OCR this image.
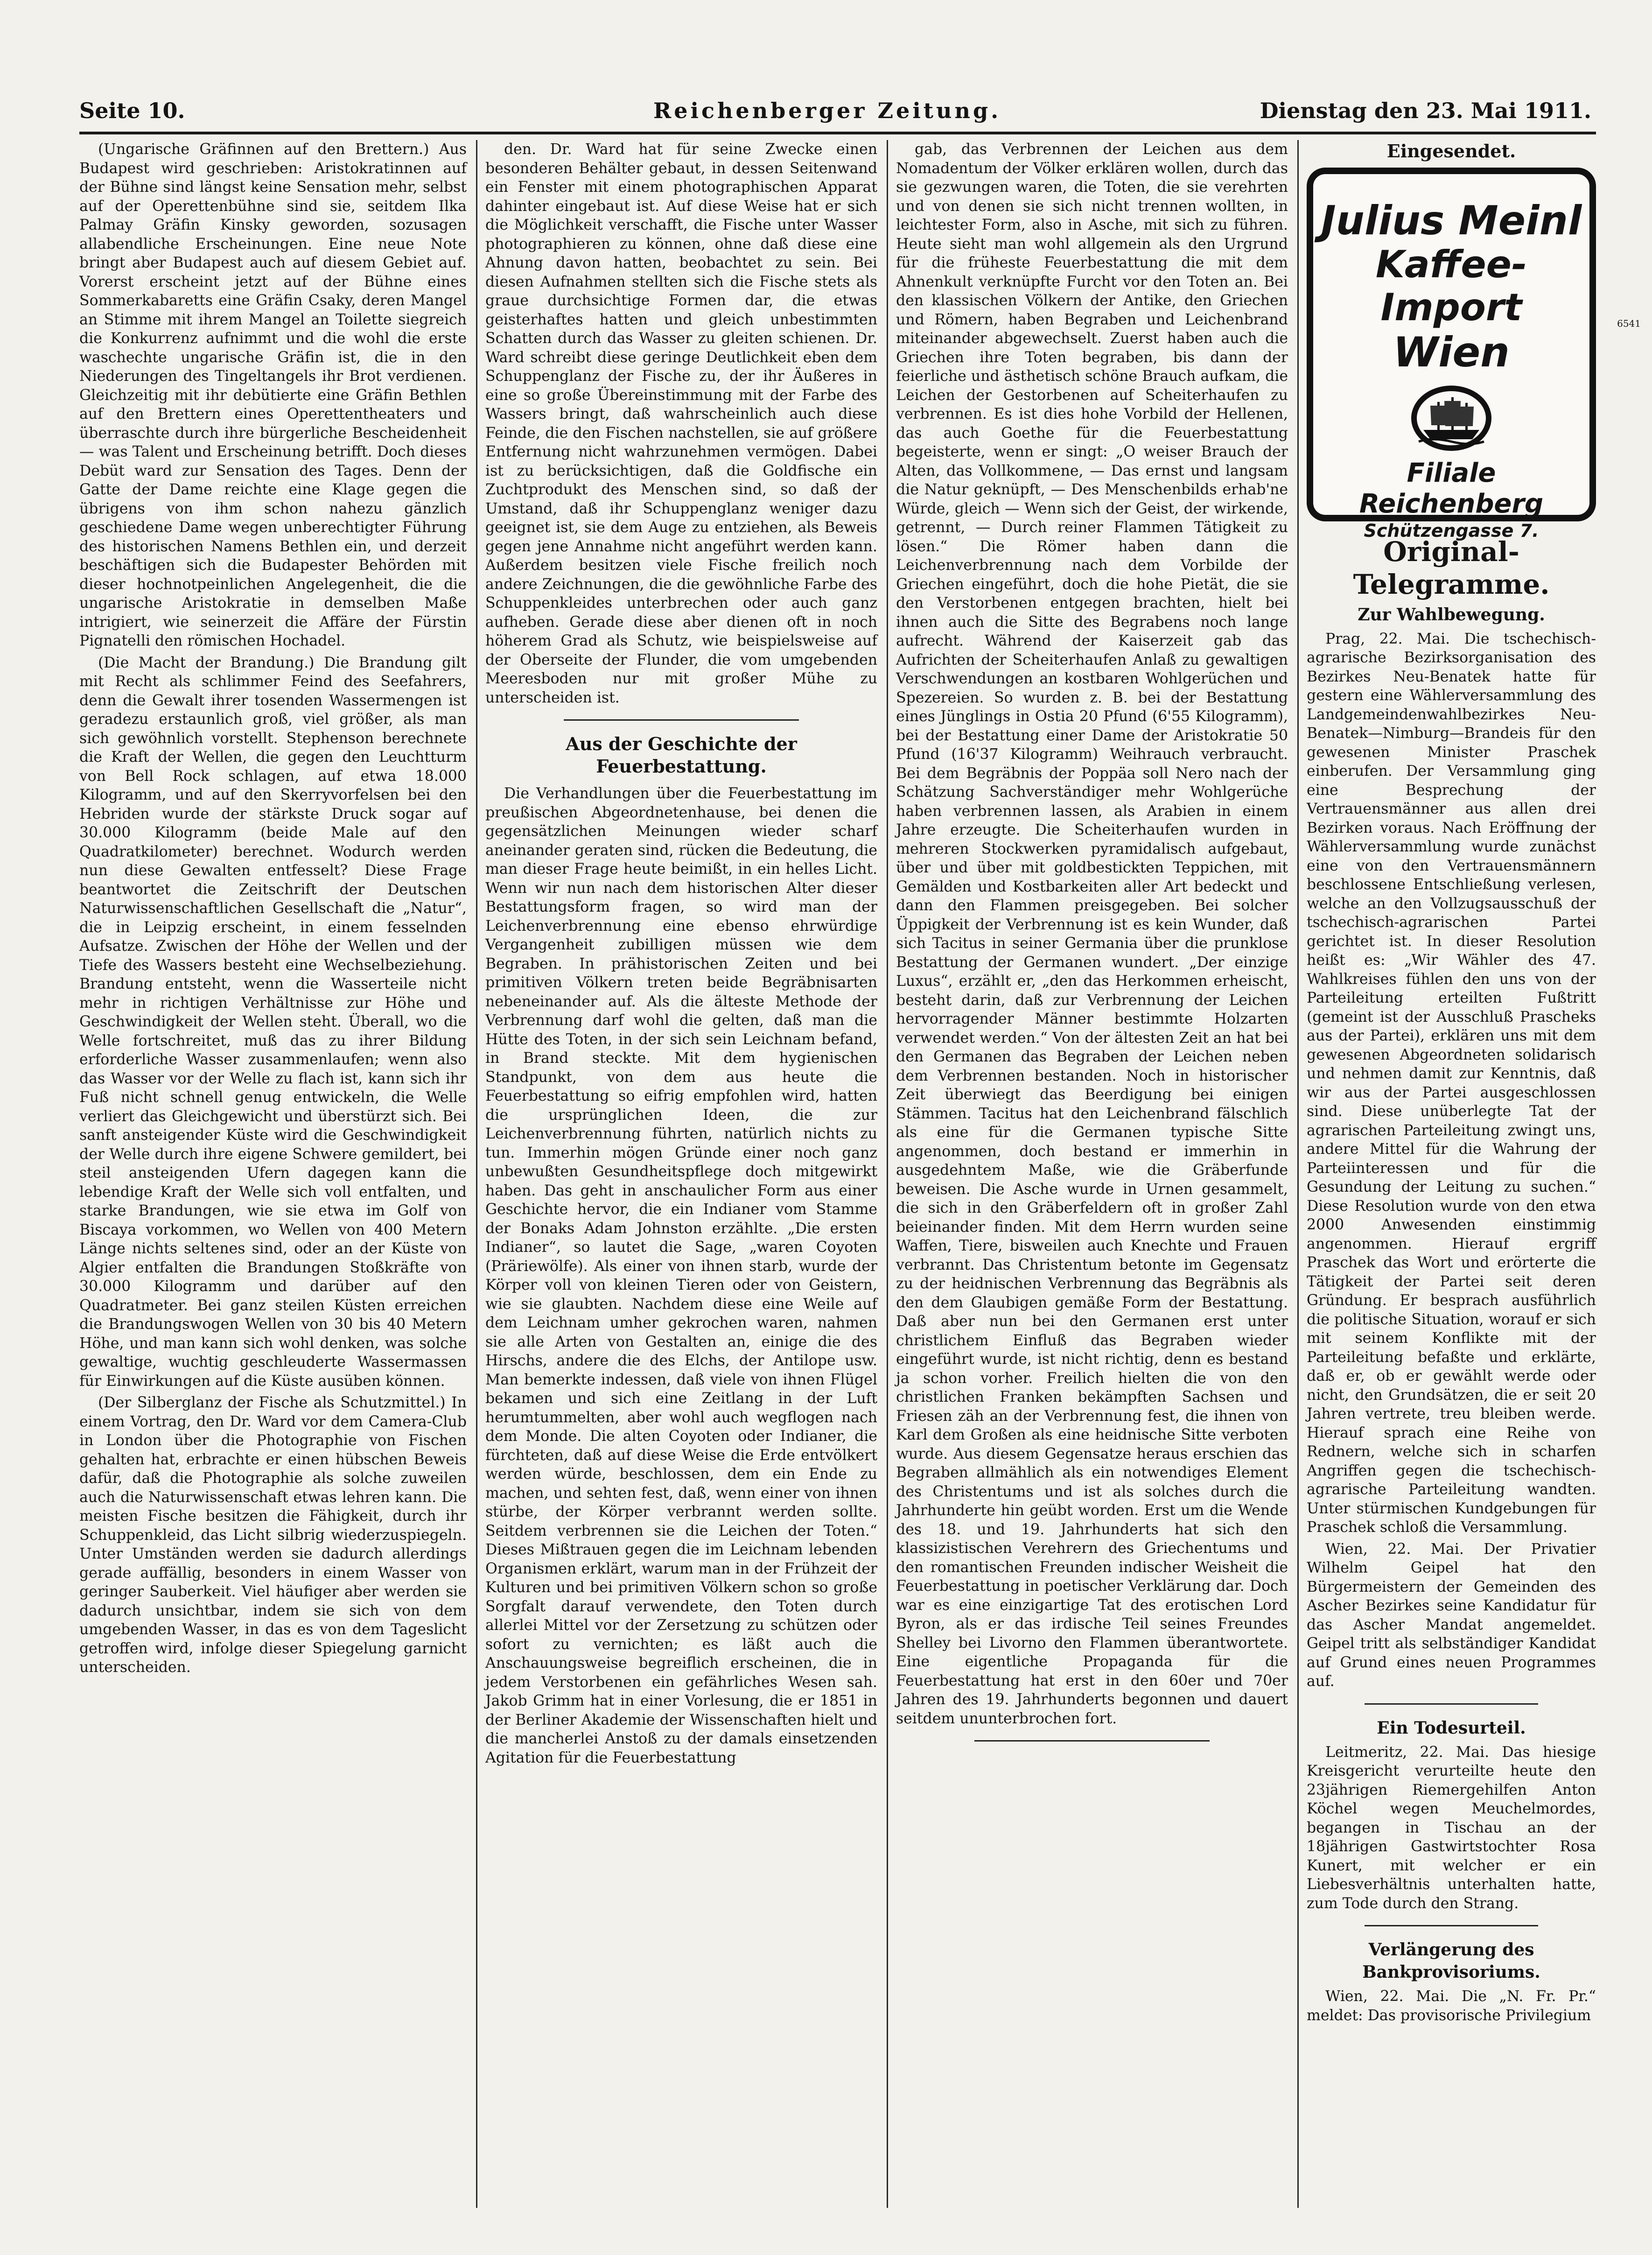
Seite 10.	Reichenberger Zeitung.	Dienstag den 23. Mai 1911.

(Ungarische Gräfinnen auf den Brettern.) Aus Budapest wird geschrieben: Aristokratinnen auf der Bühne sind längst keine Sensation mehr, selbst auf der Operettenbühne sind sie, seitdem Ilka Palmay Gräfin Kinsky geworden, sozusagen allabendliche Erscheinungen. Eine neue Note bringt aber Budapest auch auf diesem Gebiet auf. Vorerst erscheint jetzt auf der Bühne eines Sommerkabaretts eine Gräfin Csaky, deren Mangel an Stimme mit ihrem Mangel an Toilette siegreich die Konkurrenz aufnimmt und die wohl die erste waschechte ungarische Gräfin ist, die in den Niederungen des Tingeltangels ihr Brot verdienen. Gleichzeitig mit ihr debütierte eine Gräfin Bethlen auf den Brettern eines Operettentheaters und überraschte durch ihre bürgerliche Bescheidenheit — was Talent und Erscheinung betrifft. Doch dieses Debüt ward zur Sensation des Tages. Denn der Gatte der Dame reichte eine Klage gegen die übrigens von ihm schon nahezu gänzlich geschiedene Dame wegen unberechtigter Führung des historischen Namens Bethlen ein, und derzeit beschäftigen sich die Budapester Behörden mit dieser hochnotpeinlichen Angelegenheit, die die ungarische Aristokratie in demselben Maße intrigiert, wie seinerzeit die Affäre der Fürstin Pignatelli den römischen Hochadel.

(Die Macht der Brandung.) Die Brandung gilt mit Recht als schlimmer Feind des Seefahrers, denn die Gewalt ihrer tosenden Wassermengen ist geradezu erstaunlich groß, viel größer, als man sich gewöhnlich vorstellt. Stephenson berechnete die Kraft der Wellen, die gegen den Leuchtturm von Bell Rock schlagen, auf etwa 18.000 Kilogramm, und auf den Skerryvorfelsen bei den Hebriden wurde der stärkste Druck sogar auf 30.000 Kilogramm (beide Male auf den Quadratkilometer) berechnet. Wodurch werden nun diese Gewalten entfesselt? Diese Frage beantwortet die Zeitschrift der Deutschen Naturwissenschaftlichen Gesellschaft die „Natur“, die in Leipzig erscheint, in einem fesselnden Aufsatze. Zwischen der Höhe der Wellen und der Tiefe des Wassers besteht eine Wechselbeziehung. Brandung entsteht, wenn die Wasserteile nicht mehr in richtigen Verhältnisse zur Höhe und Geschwindigkeit der Wellen steht. Überall, wo die Welle fortschreitet, muß das zu ihrer Bildung erforderliche Wasser zusammenlaufen; wenn also das Wasser vor der Welle zu flach ist, kann sich ihr Fuß nicht schnell genug entwickeln, die Welle verliert das Gleichgewicht und überstürzt sich. Bei sanft ansteigender Küste wird die Geschwindigkeit der Welle durch ihre eigene Schwere gemildert, bei steil ansteigenden Ufern dagegen kann die lebendige Kraft der Welle sich voll entfalten, und starke Brandungen, wie sie etwa im Golf von Biscaya vorkommen, wo Wellen von 400 Metern Länge nichts seltenes sind, oder an der Küste von Algier entfalten die Brandungen Stoßkräfte von 30.000 Kilogramm und darüber auf den Quadratmeter. Bei ganz steilen Küsten erreichen die Brandungswogen Wellen von 30 bis 40 Metern Höhe, und man kann sich wohl denken, was solche gewaltige, wuchtig geschleuderte Wassermassen für Einwirkungen auf die Küste ausüben können.

(Der Silberglanz der Fische als Schutzmittel.) In einem Vortrag, den Dr. Ward vor dem Camera-Club in London über die Photographie von Fischen gehalten hat, erbrachte er einen hübschen Beweis dafür, daß die Photographie als solche zuweilen auch die Naturwissenschaft etwas lehren kann. Die meisten Fische besitzen die Fähigkeit, durch ihr Schuppenkleid, das Licht silbrig wiederzuspiegeln. Unter Umständen werden sie dadurch allerdings gerade auffällig, besonders in einem Wasser von geringer Sauberkeit. Viel häufiger aber werden sie dadurch unsichtbar, indem sie sich von dem umgebenden Wasser, in das es von dem Tageslicht getroffen wird, infolge dieser Spiegelung garnicht unterscheiden.

den. Dr. Ward hat für seine Zwecke einen besonderen Behälter gebaut, in dessen Seitenwand ein Fenster mit einem photographischen Apparat dahinter eingebaut ist. Auf diese Weise hat er sich die Möglichkeit verschafft, die Fische unter Wasser photographieren zu können, ohne daß diese eine Ahnung davon hatten, beobachtet zu sein. Bei diesen Aufnahmen stellten sich die Fische stets als graue durchsichtige Formen dar, die etwas geisterhaftes hatten und gleich unbestimmten Schatten durch das Wasser zu gleiten schienen. Dr. Ward schreibt diese geringe Deutlichkeit eben dem Schuppenglanz der Fische zu, der ihr Äußeres in eine so große Übereinstimmung mit der Farbe des Wassers bringt, daß wahrscheinlich auch diese Feinde, die den Fischen nachstellen, sie auf größere Entfernung nicht wahrzunehmen vermögen. Dabei ist zu berücksichtigen, daß die Goldfische ein Zuchtprodukt des Menschen sind, so daß der Umstand, daß ihr Schuppenglanz weniger dazu geeignet ist, sie dem Auge zu entziehen, als Beweis gegen jene Annahme nicht angeführt werden kann. Außerdem besitzen viele Fische freilich noch andere Zeichnungen, die die gewöhnliche Farbe des Schuppenkleides unterbrechen oder auch ganz aufheben. Gerade diese aber dienen oft in noch höherem Grad als Schutz, wie beispielsweise auf der Oberseite der Flunder, die vom umgebenden Meeresboden nur mit großer Mühe zu unterscheiden ist.

Aus der Geschichte der Feuerbestattung.

Die Verhandlungen über die Feuerbestattung im preußischen Abgeordnetenhause, bei denen die gegensätzlichen Meinungen wieder scharf aneinander geraten sind, rücken die Bedeutung, die man dieser Frage heute beimißt, in ein helles Licht. Wenn wir nun nach dem historischen Alter dieser Bestattungsform fragen, so wird man der Leichenverbrennung eine ebenso ehrwürdige Vergangenheit zubilligen müssen wie dem Begraben. In prähistorischen Zeiten und bei primitiven Völkern treten beide Begräbnisarten nebeneinander auf. Als die älteste Methode der Verbrennung darf wohl die gelten, daß man die Hütte des Toten, in der sich sein Leichnam befand, in Brand steckte. Mit dem hygienischen Standpunkt, von dem aus heute die Feuerbestattung so eifrig empfohlen wird, hatten die ursprünglichen Ideen, die zur Leichenverbrennung führten, natürlich nichts zu tun. Immerhin mögen Gründe einer noch ganz unbewußten Gesundheitspflege doch mitgewirkt haben. Das geht in anschaulicher Form aus einer Geschichte hervor, die ein Indianer vom Stamme der Bonaks Adam Johnston erzählte. „Die ersten Indianer“, so lautet die Sage, „waren Coyoten (Präriewölfe). Als einer von ihnen starb, wurde der Körper voll von kleinen Tieren oder von Geistern, wie sie glaubten. Nachdem diese eine Weile auf dem Leichnam umher gekrochen waren, nahmen sie alle Arten von Gestalten an, einige die des Hirschs, andere die des Elchs, der Antilope usw. Man bemerkte indessen, daß viele von ihnen Flügel bekamen und sich eine Zeitlang in der Luft herumtummelten, aber wohl auch wegflogen nach dem Monde. Die alten Coyoten oder Indianer, die fürchteten, daß auf diese Weise die Erde entvölkert werden würde, beschlossen, dem ein Ende zu machen, und sehten fest, daß, wenn einer von ihnen stürbe, der Körper verbrannt werden sollte. Seitdem verbrennen sie die Leichen der Toten.“ Dieses Mißtrauen gegen die im Leichnam lebenden Organismen erklärt, warum man in der Frühzeit der Kulturen und bei primitiven Völkern schon so große Sorgfalt darauf verwendete, den Toten durch allerlei Mittel vor der Zersetzung zu schützen oder sofort zu vernichten; es läßt auch die Anschauungsweise begreiflich erscheinen, die in jedem Verstorbenen ein gefährliches Wesen sah. Jakob Grimm hat in einer Vorlesung, die er 1851 in der Berliner Akademie der Wissenschaften hielt und die mancherlei Anstoß zu der damals einsetzenden Agitation für die Feuerbestattung

gab, das Verbrennen der Leichen aus dem Nomadentum der Völker erklären wollen, durch das sie gezwungen waren, die Toten, die sie verehrten und von denen sie sich nicht trennen wollten, in leichtester Form, also in Asche, mit sich zu führen. Heute sieht man wohl allgemein als den Urgrund für die früheste Feuerbestattung die mit dem Ahnenkult verknüpfte Furcht vor den Toten an. Bei den klassischen Völkern der Antike, den Griechen und Römern, haben Begraben und Leichenbrand miteinander abgewechselt. Zuerst haben auch die Griechen ihre Toten begraben, bis dann der feierliche und ästhetisch schöne Brauch aufkam, die Leichen der Gestorbenen auf Scheiterhaufen zu verbrennen. Es ist dies hohe Vorbild der Hellenen, das auch Goethe für die Feuerbestattung begeisterte, wenn er singt: „O weiser Brauch der Alten, das Vollkommene, — Das ernst und langsam die Natur geknüpft, — Des Menschenbilds erhab'ne Würde, gleich — Wenn sich der Geist, der wirkende, getrennt, — Durch reiner Flammen Tätigkeit zu lösen.“ Die Römer haben dann die Leichenverbrennung nach dem Vorbilde der Griechen eingeführt, doch die hohe Pietät, die sie den Verstorbenen entgegen brachten, hielt bei ihnen auch die Sitte des Begrabens noch lange aufrecht. Während der Kaiserzeit gab das Aufrichten der Scheiterhaufen Anlaß zu gewaltigen Verschwendungen an kostbaren Wohlgerüchen und Spezereien. So wurden z. B. bei der Bestattung eines Jünglings in Ostia 20 Pfund (6'55 Kilogramm), bei der Bestattung einer Dame der Aristokratie 50 Pfund (16'37 Kilogramm) Weihrauch verbraucht. Bei dem Begräbnis der Poppäa soll Nero nach der Schätzung Sachverständiger mehr Wohlgerüche haben verbrennen lassen, als Arabien in einem Jahre erzeugte. Die Scheiterhaufen wurden in mehreren Stockwerken pyramidalisch aufgebaut, über und über mit goldbestickten Teppichen, mit Gemälden und Kostbarkeiten aller Art bedeckt und dann den Flammen preisgegeben. Bei solcher Üppigkeit der Verbrennung ist es kein Wunder, daß sich Tacitus in seiner Germania über die prunklose Bestattung der Germanen wundert. „Der einzige Luxus“, erzählt er, „den das Herkommen erheischt, besteht darin, daß zur Verbrennung der Leichen hervorragender Männer bestimmte Holzarten verwendet werden.“ Von der ältesten Zeit an hat bei den Germanen das Begraben der Leichen neben dem Verbrennen bestanden. Noch in historischer Zeit überwiegt das Beerdigung bei einigen Stämmen. Tacitus hat den Leichenbrand fälschlich als eine für die Germanen typische Sitte angenommen, doch bestand er immerhin in ausgedehntem Maße, wie die Gräberfunde beweisen. Die Asche wurde in Urnen gesammelt, die sich in den Gräberfeldern oft in großer Zahl beieinander finden. Mit dem Herrn wurden seine Waffen, Tiere, bisweilen auch Knechte und Frauen verbrannt. Das Christentum betonte im Gegensatz zu der heidnischen Verbrennung das Begräbnis als den dem Glaubigen gemäße Form der Bestattung. Daß aber nun bei den Germanen erst unter christlichem Einfluß das Begraben wieder eingeführt wurde, ist nicht richtig, denn es bestand ja schon vorher. Freilich hielten die von den christlichen Franken bekämpften Sachsen und Friesen zäh an der Verbrennung fest, die ihnen von Karl dem Großen als eine heidnische Sitte verboten wurde. Aus diesem Gegensatze heraus erschien das Begraben allmählich als ein notwendiges Element des Christentums und ist als solches durch die Jahrhunderte hin geübt worden. Erst um die Wende des 18. und 19. Jahrhunderts hat sich den klassizistischen Verehrern des Griechentums und den romantischen Freunden indischer Weisheit die Feuerbestattung in poetischer Verklärung dar. Doch war es eine einzigartige Tat des erotischen Lord Byron, als er das irdische Teil seines Freundes Shelley bei Livorno den Flammen überantwortete. Eine eigentliche Propaganda für die Feuerbestattung hat erst in den 60er und 70er Jahren des 19. Jahrhunderts begonnen und dauert seitdem ununterbrochen fort.

Eingesendet.
Julius Meinl
Kaffee-Import
Wien
6541
Filiale Reichenberg
Schützengasse 7.
Original-Telegramme.
Zur Wahlbewegung.

Prag, 22. Mai. Die tschechisch-agrarische Bezirksorganisation des Bezirkes Neu-Benatek hatte für gestern eine Wählerversammlung des Landgemeindenwahlbezirkes Neu-Benatek—Nimburg—Brandeis für den gewesenen Minister Praschek einberufen. Der Versammlung ging eine Besprechung der Vertrauensmänner aus allen drei Bezirken voraus. Nach Eröffnung der Wählerversammlung wurde zunächst eine von den Vertrauensmännern beschlossene Entschließung verlesen, welche an den Vollzugsausschuß der tschechisch-agrarischen Partei gerichtet ist. In dieser Resolution heißt es: „Wir Wähler des 47. Wahlkreises fühlen den uns von der Parteileitung erteilten Fußtritt (gemeint ist der Ausschluß Prascheks aus der Partei), erklären uns mit dem gewesenen Abgeordneten solidarisch und nehmen damit zur Kenntnis, daß wir aus der Partei ausgeschlossen sind. Diese unüberlegte Tat der agrarischen Parteileitung zwingt uns, andere Mittel für die Wahrung der Parteiinteressen und für die Gesundung der Leitung zu suchen.“ Diese Resolution wurde von den etwa 2000 Anwesenden einstimmig angenommen. Hierauf ergriff Praschek das Wort und erörterte die Tätigkeit der Partei seit deren Gründung. Er besprach ausführlich die politische Situation, worauf er sich mit seinem Konflikte mit der Parteileitung befaßte und erklärte, daß er, ob er gewählt werde oder nicht, den Grundsätzen, die er seit 20 Jahren vertrete, treu bleiben werde. Hierauf sprach eine Reihe von Rednern, welche sich in scharfen Angriffen gegen die tschechisch-agrarische Parteileitung wandten. Unter stürmischen Kundgebungen für Praschek schloß die Versammlung.

Wien, 22. Mai. Der Privatier Wilhelm Geipel hat den Bürgermeistern der Gemeinden des Ascher Bezirkes seine Kandidatur für das Ascher Mandat angemeldet. Geipel tritt als selbständiger Kandidat auf Grund eines neuen Programmes auf.

Ein Todesurteil.

Leitmeritz, 22. Mai. Das hiesige Kreisgericht verurteilte heute den 23jährigen Riemergehilfen Anton Köchel wegen Meuchelmordes, begangen in Tischau an der 18jährigen Gastwirtstochter Rosa Kunert, mit welcher er ein Liebesverhältnis unterhalten hatte, zum Tode durch den Strang.

Verlängerung des Bankprovisoriums.

Wien, 22. Mai. Die „N. Fr. Pr.“ meldet: Das provisorische Privilegium
